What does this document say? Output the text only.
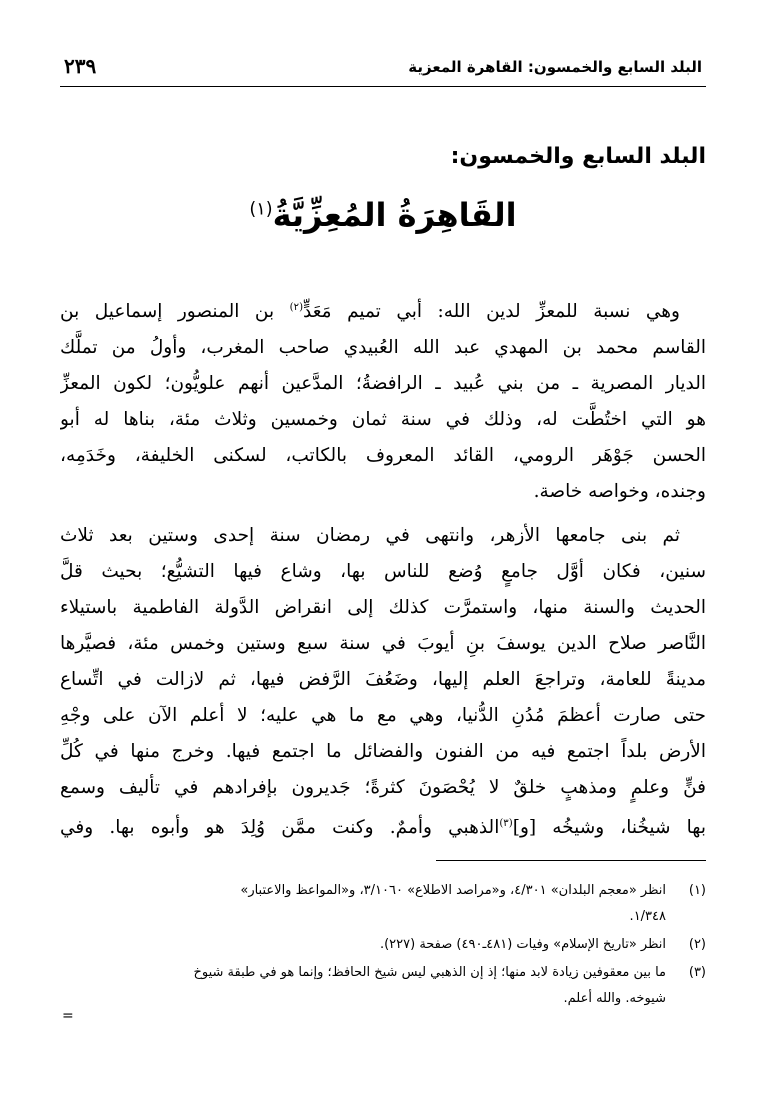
البلد السابع والخمسون: القاهرة المعزية
٢٣٩
البلد السابع والخمسون:
القَاهِرَةُ المُعِزِّيَّةُ$^{(١)}$
وهي نسبة للمعزِّ لدين الله: أبي تميم مَعَدٍّ$^{(٢)}$ بن المنصور إسماعيل بن
القاسم محمد بن المهدي عبد الله العُبيدي صاحب المغرب، وأولُ من تملَّك
الديار المصرية ـ من بني عُبيد ـ الرافضةُ؛ المدَّعين أنهم علويُّون؛ لكون المعزِّ
هو التي اختُطَّت له، وذلك في سنة ثمان وخمسين وثلاث مئة، بناها له أبو
الحسن جَوْهَر الرومي، القائد المعروف بالكاتب، لسكنى الخليفة، وخَدَمِه،
وجنده، وخواصه خاصة.
ثم بنى جامعها الأزهر، وانتهى في رمضان سنة إحدى وستين بعد ثلاث
سنين، فكان أوَّل جامعٍ وُضع للناس بها، وشاع فيها التشيُّع؛ بحيث قلَّ
الحديث والسنة منها، واستمرَّت كذلك إلى انقراض الدَّولة الفاطمية باستيلاء
النَّاصر صلاح الدين يوسفَ بنِ أيوبَ في سنة سبع وستين وخمس مئة، فصيَّرها
مدينةً للعامة، وتراجعَ العلم إليها، وضَعُفَ الرَّفض فيها، ثم لازالت في اتِّساع
حتى صارت أعظمَ مُدُنِ الدُّنيا، وهي مع ما هي عليه؛ لا أعلم الآن على وجْهِ
الأرض بلداً اجتمع فيه من الفنون والفضائل ما اجتمع فيها. وخرج منها في كُلِّ
فنٍّ وعلمٍ ومذهبٍ خلقٌ لا يُحْصَونَ كثرةً؛ جَديرون بإفرادهم في تأليف وسمع
بها شيخُنا، وشيخُه [و]$^{(٣)}$الذهبي وأممٌ. وكنت ممَّن وُلِدَ هو وأبوه بها. وفي
(١)
انظر «معجم البلدان» ٤/٣٠١، و«مراصد الاطلاع» ٣/١٠٦٠، و«المواعظ والاعتبار»
١/٣٤٨.
(٢)
انظر «تاريخ الإسلام» وفيات (٤٨١ـ٤٩٠) صفحة (٢٢٧).
(٣)
ما بين معقوفين زيادة لابد منها؛ إذ إن الذهبي ليس شيخ الحافظ؛ وإنما هو في طبقة شيوخ
شيوخه. والله أعلم.
=
